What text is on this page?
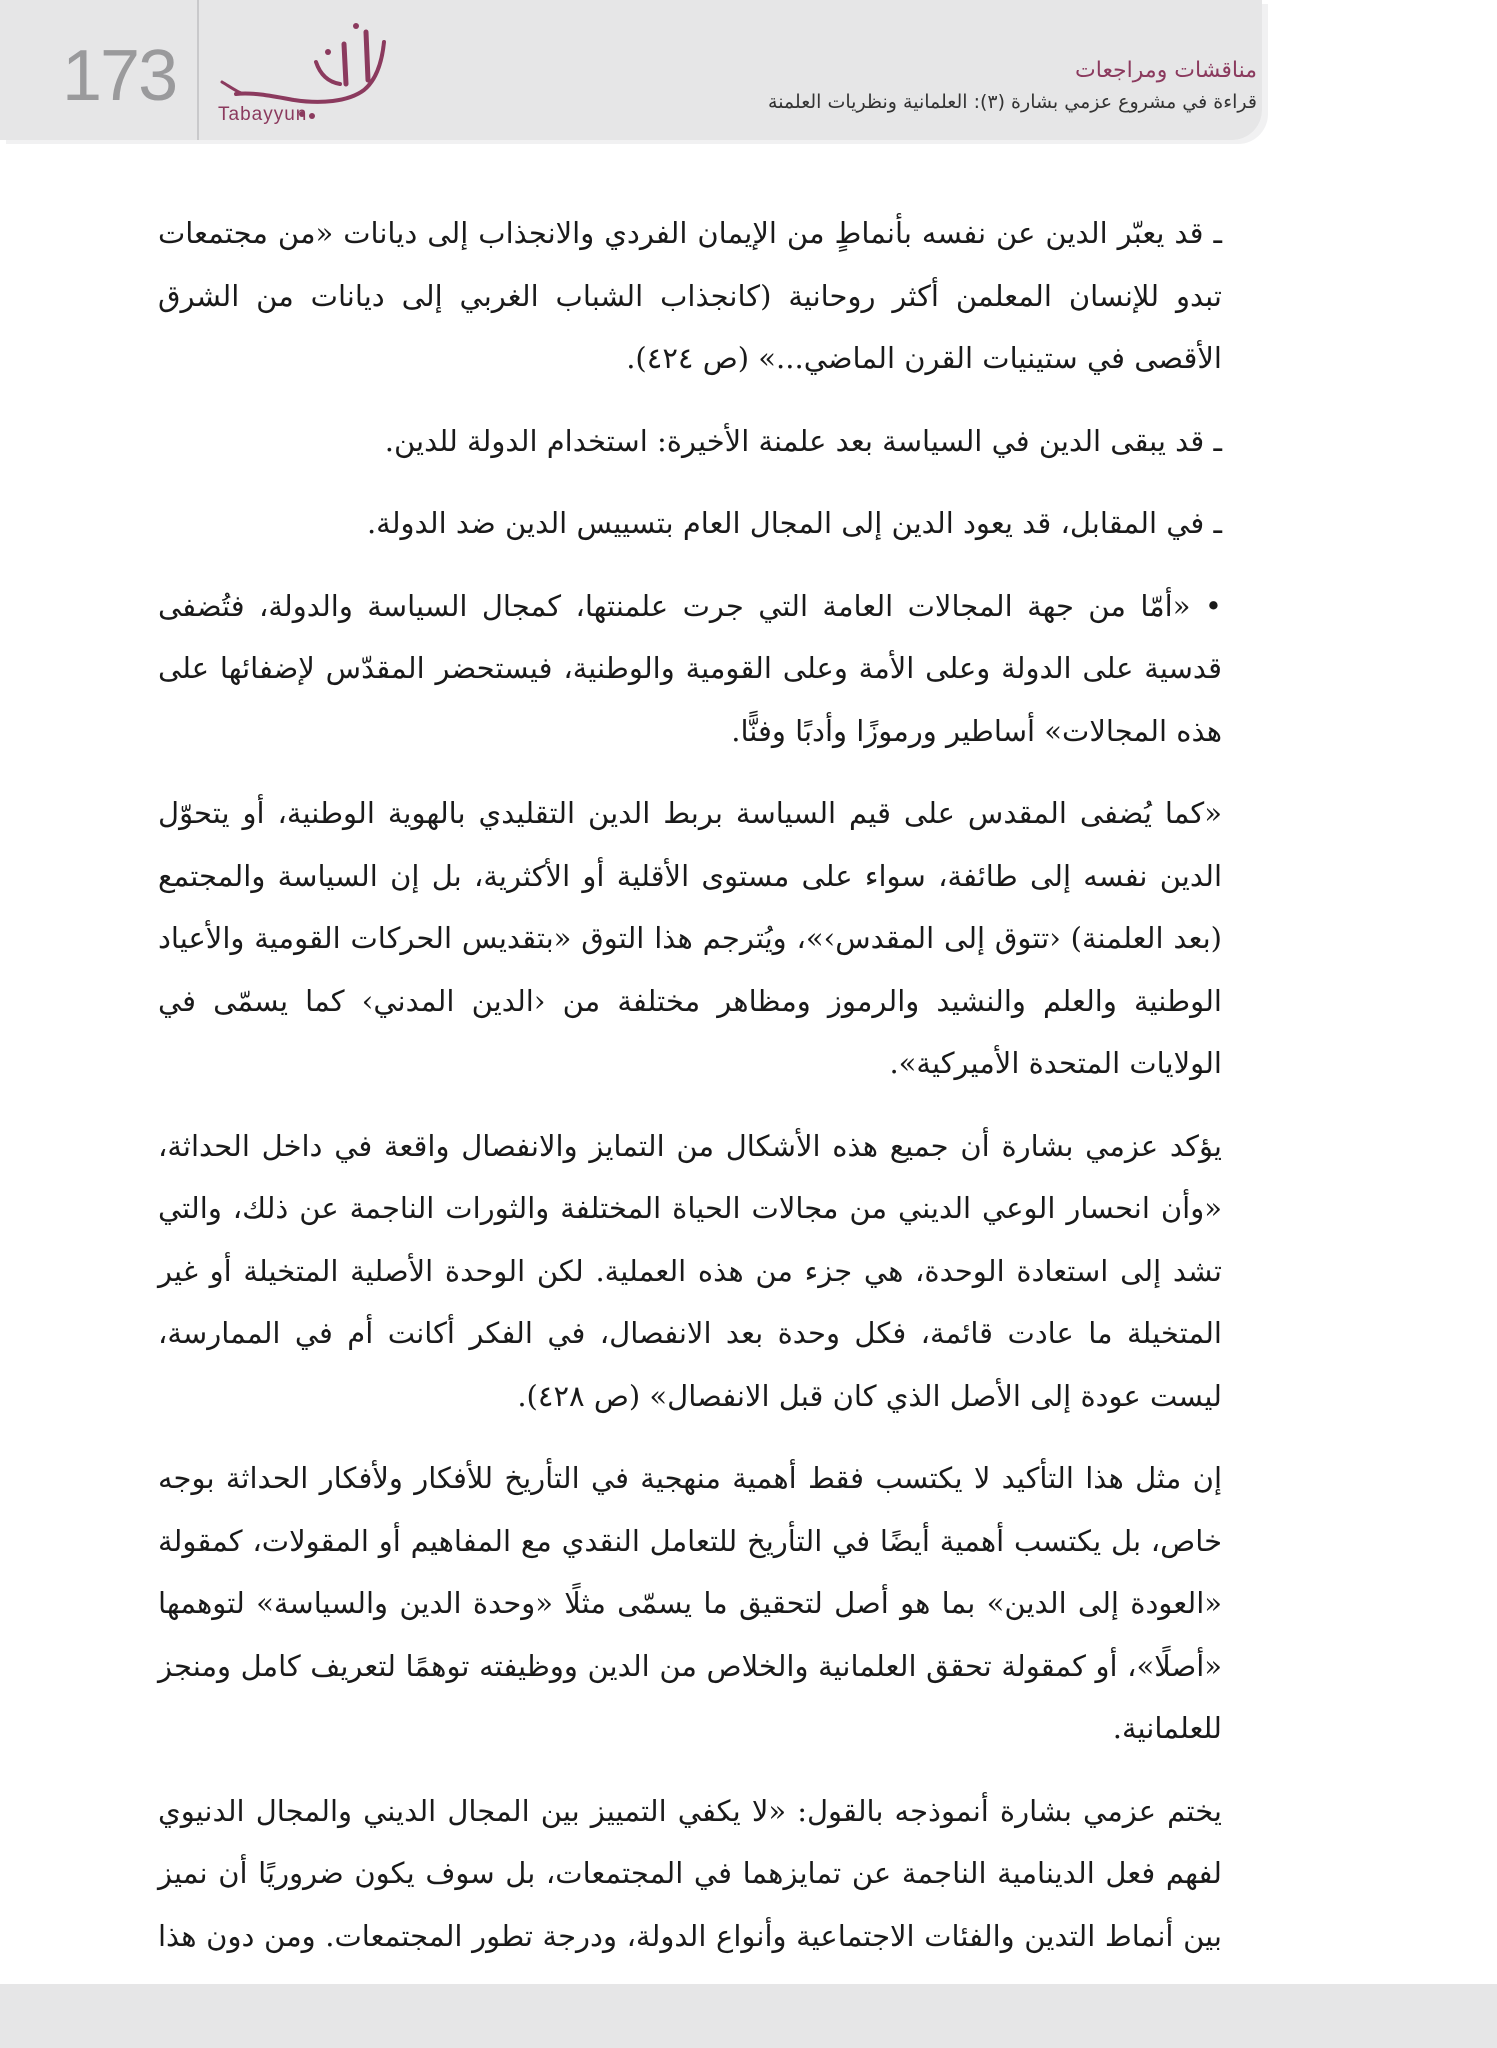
173	Tabayyun
مناقشات ومراجعات
قراءة في مشروع عزمي بشارة (٣): العلمانية ونظريات العلمنة

ـ قد يعبّر الدين عن نفسه بأنماطٍ من الإيمان الفردي والانجذاب إلى ديانات «من مجتمعات تبدو للإنسان المعلمن أكثر روحانية (كانجذاب الشباب الغربي إلى ديانات من الشرق الأقصى في ستينيات القرن الماضي...» (ص ٤٢٤).

ـ قد يبقى الدين في السياسة بعد علمنة الأخيرة: استخدام الدولة للدين.

ـ في المقابل، قد يعود الدين إلى المجال العام بتسييس الدين ضد الدولة.

• «أمّا من جهة المجالات العامة التي جرت علمنتها، كمجال السياسة والدولة، فتُضفى قدسية على الدولة وعلى الأمة وعلى القومية والوطنية، فيستحضر المقدّس لإضفائها على هذه المجالات» أساطير ورموزًا وأدبًا وفنًّا.

«كما يُضفى المقدس على قيم السياسة بربط الدين التقليدي بالهوية الوطنية، أو يتحوّل الدين نفسه إلى طائفة، سواء على مستوى الأقلية أو الأكثرية، بل إن السياسة والمجتمع (بعد العلمنة) ‹تتوق إلى المقدس›»، ويُترجم هذا التوق «بتقديس الحركات القومية والأعياد الوطنية والعلم والنشيد والرموز ومظاهر مختلفة من ‹الدين المدني› كما يسمّى في الولايات المتحدة الأميركية».

يؤكد عزمي بشارة أن جميع هذه الأشكال من التمايز والانفصال واقعة في داخل الحداثة، «وأن انحسار الوعي الديني من مجالات الحياة المختلفة والثورات الناجمة عن ذلك، والتي تشد إلى استعادة الوحدة، هي جزء من هذه العملية. لكن الوحدة الأصلية المتخيلة أو غير المتخيلة ما عادت قائمة، فكل وحدة بعد الانفصال، في الفكر أكانت أم في الممارسة، ليست عودة إلى الأصل الذي كان قبل الانفصال» (ص ٤٢٨).

إن مثل هذا التأكيد لا يكتسب فقط أهمية منهجية في التأريخ للأفكار ولأفكار الحداثة بوجه خاص، بل يكتسب أهمية أيضًا في التأريخ للتعامل النقدي مع المفاهيم أو المقولات، كمقولة «العودة إلى الدين» بما هو أصل لتحقيق ما يسمّى مثلًا «وحدة الدين والسياسة» لتوهمها «أصلًا»، أو كمقولة تحقق العلمانية والخلاص من الدين ووظيفته توهمًا لتعريف كامل ومنجز للعلمانية.

يختم عزمي بشارة أنموذجه بالقول: «لا يكفي التمييز بين المجال الديني والمجال الدنيوي لفهم فعل الدينامية الناجمة عن تمايزهما في المجتمعات، بل سوف يكون ضروريًا أن نميز بين أنماط التدين والفئات الاجتماعية وأنواع الدولة، ودرجة تطور المجتمعات. ومن دون هذا
